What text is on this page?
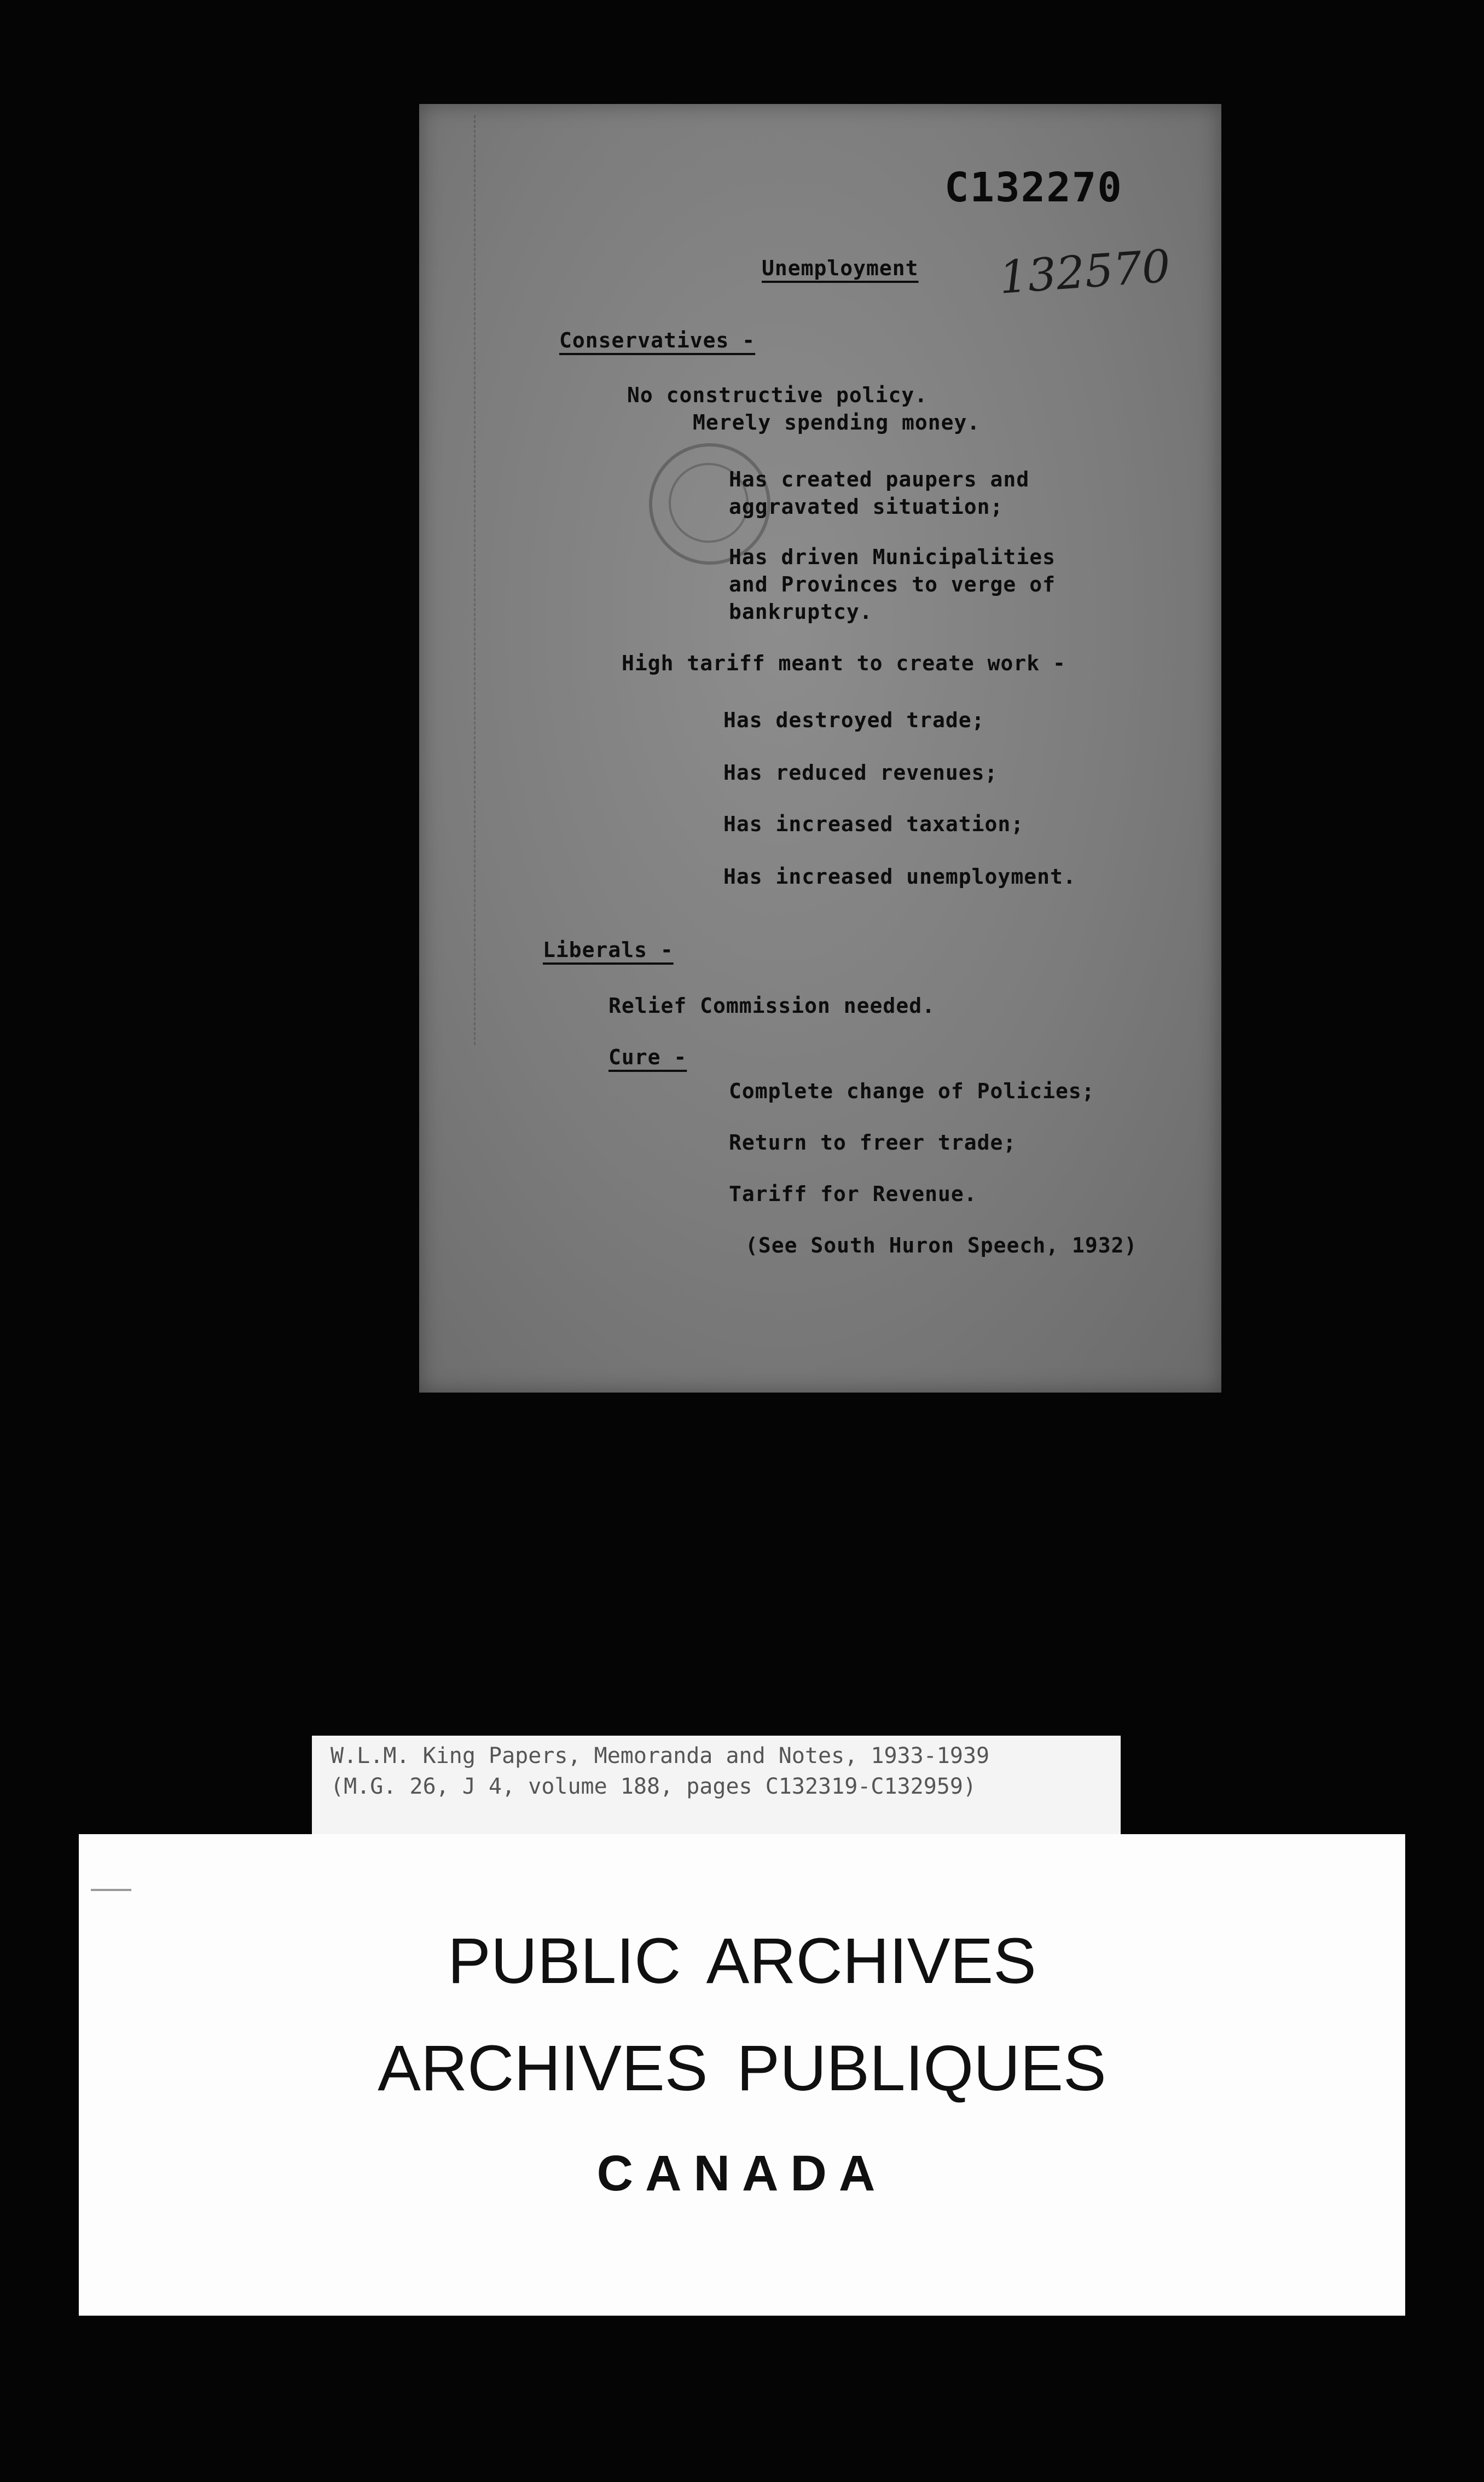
C132270
132570
Unemployment
Conservatives -
No constructive policy.
Merely spending money.
Has created paupers and
aggravated situation;
Has driven Municipalities
and Provinces to verge of
bankruptcy.
High tariff meant to create work -
Has destroyed trade;
Has reduced revenues;
Has increased taxation;
Has increased unemployment.
Liberals -
Relief Commission needed.
Cure -
Complete change of Policies;
Return to freer trade;
Tariff for Revenue.
(See South Huron Speech, 1932)
W.L.M. King Papers, Memoranda and Notes, 1933-1939
(M.G. 26, J 4, volume 188, pages C132319-C132959)
PUBLIC ARCHIVES
ARCHIVES PUBLIQUES
CANADA
